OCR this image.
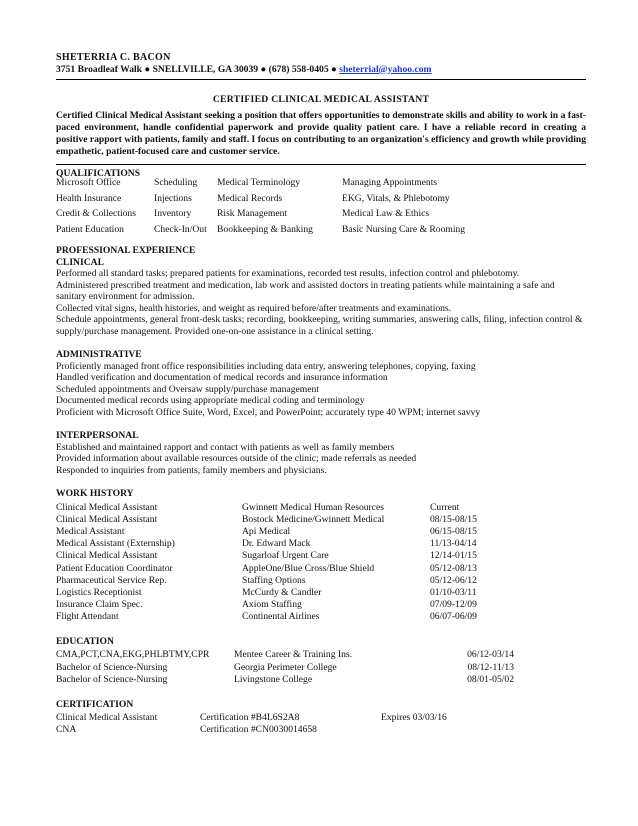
SHETERRIA C. BACON
3751 Broadleaf Walk ● SNELLVILLE, GA 30039 ● (678) 558-0405 ● sheterrial@yahoo.com
CERTIFIED CLINICAL MEDICAL ASSISTANT
Certified Clinical Medical Assistant seeking a position that offers opportunities to demonstrate skills and ability to work in a fast-paced environment, handle confidential paperwork and provide quality patient care. I have a reliable record in creating a positive rapport with patients, family and staff. I focus on contributing to an organization's efficiency and growth while providing empathetic, patient-focused care and customer service.
QUALIFICATIONS
Microsoft Office	Scheduling	Medical Terminology	Managing Appointments
Health Insurance	Injections	Medical Records	EKG, Vitals, & Phlebotomy
Credit & Collections	Inventory	Risk Management	Medical Law & Ethics
Patient Education	Check-In/Out	Bookkeeping & Banking	Basic Nursing Care & Rooming
PROFESSIONAL EXPERIENCE
CLINICAL
Performed all standard tasks; prepared patients for examinations, recorded test results, infection control and phlebotomy.
Administered prescribed treatment and medication, lab work and assisted doctors in treating patients while maintaining a safe and sanitary environment for admission.
Collected vital signs, health histories, and weight as required before/after treatments and examinations.
Schedule appointments, general front-desk tasks; recording, bookkeeping, writing summaries, answering calls, filing, infection control & supply/purchase management. Provided one-on-one assistance in a clinical setting.
ADMINISTRATIVE
Proficiently managed front office responsibilities including data entry, answering telephones, copying, faxing
Handled verification and documentation of medical records and insurance information
Scheduled appointments and Oversaw supply/purchase management
Documented medical records using appropriate medical coding and terminology
Proficient with Microsoft Office Suite, Word, Excel, and PowerPoint; accurately type 40 WPM; internet savvy
INTERPERSONAL
Established and maintained rapport and contact with patients as well as family members
Provided information about available resources outside of the clinic; made referrals as needed
Responded to inquiries from patients, family members and physicians.
WORK HISTORY
Clinical Medical Assistant	Gwinnett Medical Human Resources	Current
Clinical Medical Assistant	Bostock Medicine/Gwinnett Medical	08/15-08/15
Medical Assistant	Api Medical	06/15-08/15
Medical Assistant (Externship)	Dr. Edward Mack	11/13-04/14
Clinical Medical Assistant	Sugarloaf Urgent Care	12/14-01/15
Patient Education Coordinator	AppleOne/Blue Cross/Blue Shield	05/12-08/13
Pharmaceutical Service Rep.	Staffing Options	05/12-06/12
Logistics Receptionist	McCurdy & Candler	01/10-03/11
Insurance Claim Spec.	Axiom Staffing	07/09-12/09
Flight Attendant	Continental Airlines	06/07-06/09
EDUCATION
CMA,PCT,CNA,EKG,PHLBTMY,CPR	Mentee Career & Training Ins.	06/12-03/14
Bachelor of Science-Nursing	Georgia Perimeter College	08/12-11/13
Bachelor of Science-Nursing	Livingstone College	08/01-05/02
CERTIFICATION
Clinical Medical Assistant	Certification #B4L6S2A8	Expires 03/03/16
CNA	Certification #CN0030014658	
